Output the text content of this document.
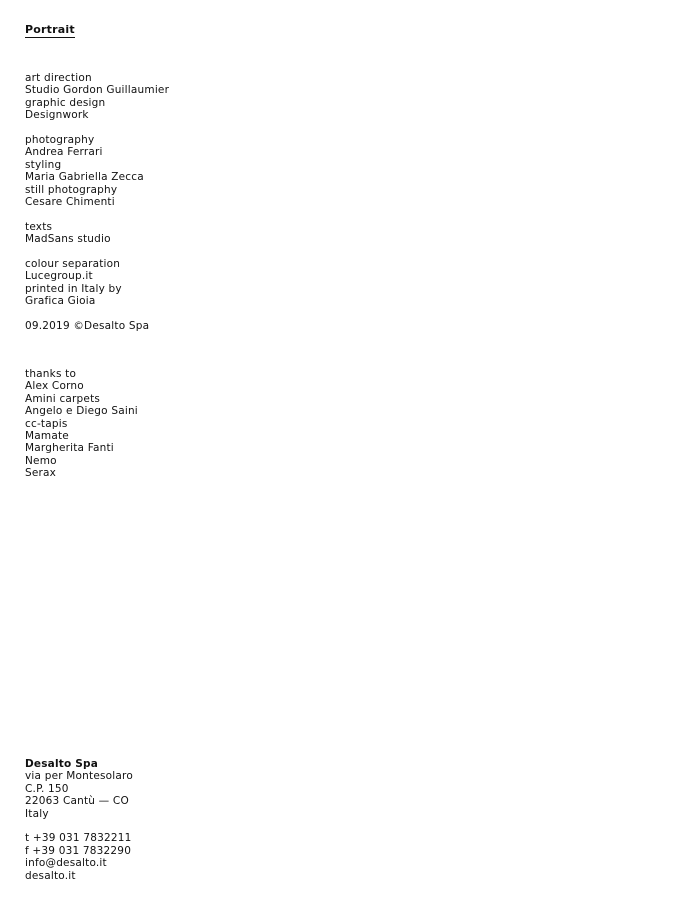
Portrait
art direction
Studio Gordon Guillaumier
graphic design
Designwork
photography
Andrea Ferrari
styling
Maria Gabriella Zecca
still photography
Cesare Chimenti
texts
MadSans studio
colour separation
Lucegroup.it
printed in Italy by
Grafica Gioia
09.2019 ©Desalto Spa
thanks to
Alex Corno
Amini carpets
Angelo e Diego Saini
cc-tapis
Mamate
Margherita Fanti
Nemo
Serax
Desalto Spa
via per Montesolaro
C.P. 150
22063 Cantù — CO
Italy
t +39 031 7832211
f +39 031 7832290
info@desalto.it
desalto.it
